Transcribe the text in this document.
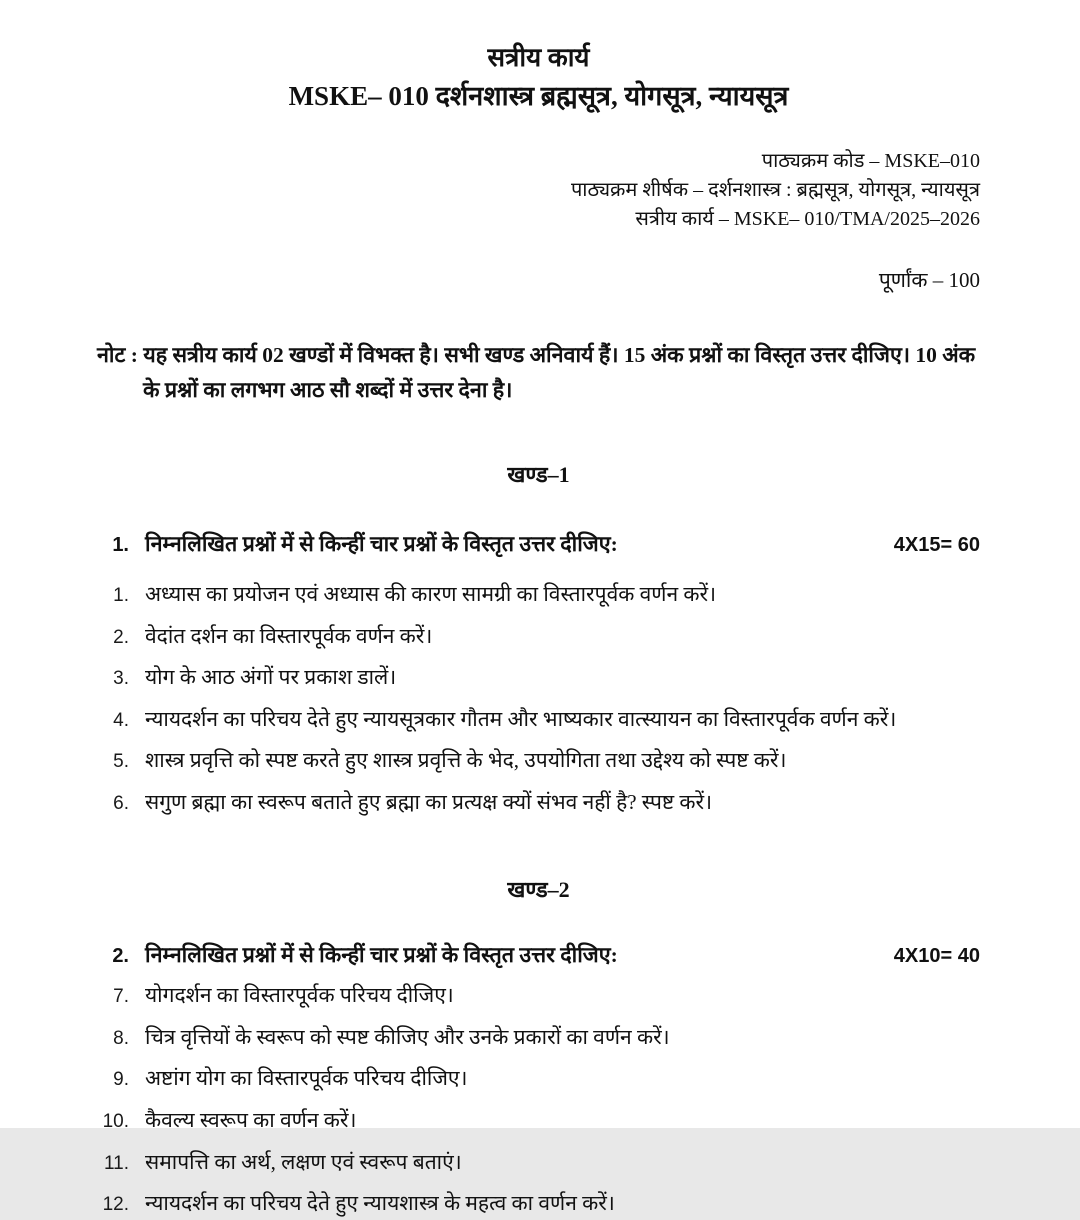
सत्रीय कार्य
MSKE– 010 दर्शनशास्त्र ब्रह्मसूत्र, योगसूत्र, न्यायसूत्र
पाठ्यक्रम कोड – MSKE–010
पाठ्यक्रम शीर्षक – दर्शनशास्त्र : ब्रह्मसूत्र, योगसूत्र, न्यायसूत्र
सत्रीय कार्य – MSKE– 010/TMA/2025–2026
पूर्णांक – 100
नोट : यह सत्रीय कार्य 02 खण्डों में विभक्त है। सभी खण्ड अनिवार्य हैं। 15 अंक प्रश्नों का विस्तृत उत्तर दीजिए। 10 अंक के प्रश्नों का लगभग आठ सौ शब्दों में उत्तर देना है।
खण्ड–1
1. निम्नलिखित प्रश्नों में से किन्हीं चार प्रश्नों के विस्तृत उत्तर दीजिए:	4X15= 60
1. अध्यास का प्रयोजन एवं अध्यास की कारण सामग्री का विस्तारपूर्वक वर्णन करें।
2. वेदांत दर्शन का विस्तारपूर्वक वर्णन करें।
3. योग के आठ अंगों पर प्रकाश डालें।
4. न्यायदर्शन का परिचय देते हुए न्यायसूत्रकार गौतम और भाष्यकार वात्स्यायन का विस्तारपूर्वक वर्णन करें।
5. शास्त्र प्रवृत्ति को स्पष्ट करते हुए शास्त्र प्रवृत्ति के भेद, उपयोगिता तथा उद्देश्य को स्पष्ट करें।
6. सगुण ब्रह्मा का स्वरूप बताते हुए ब्रह्मा का प्रत्यक्ष क्यों संभव नहीं है? स्पष्ट करें।
खण्ड–2
2. निम्नलिखित प्रश्नों में से किन्हीं चार प्रश्नों के विस्तृत उत्तर दीजिए:	4X10= 40
7. योगदर्शन का विस्तारपूर्वक परिचय दीजिए।
8. चित्र वृत्तियों के स्वरूप को स्पष्ट कीजिए और उनके प्रकारों का वर्णन करें।
9. अष्टांग योग का विस्तारपूर्वक परिचय दीजिए।
10. कैवल्य स्वरूप का वर्णन करें।
11. समापत्ति का अर्थ, लक्षण एवं स्वरूप बताएं।
12. न्यायदर्शन का परिचय देते हुए न्यायशास्त्र के महत्व का वर्णन करें।
